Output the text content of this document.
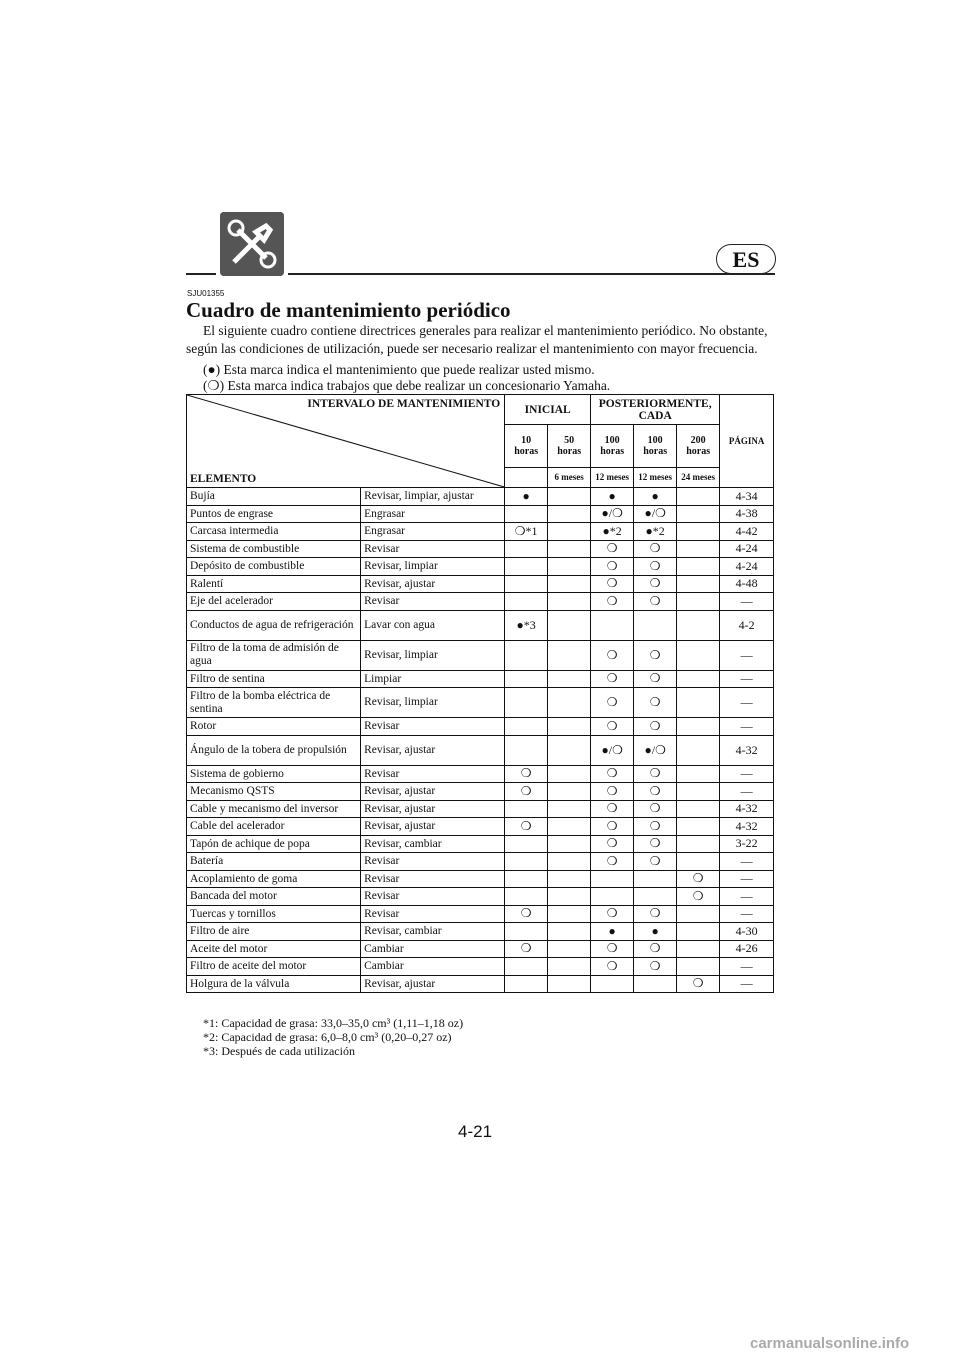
ES
SJU01355
Cuadro de mantenimiento periódico

El siguiente cuadro contiene directrices generales para realizar el mantenimiento periódico. No obstante, según las condiciones de utilización, puede ser necesario realizar el mantenimiento con mayor frecuencia.

(●) Esta marca indica el mantenimiento que puede realizar usted mismo.

(❍) Esta marca indica trabajos que debe realizar un concesionario Yamaha.

INTERVALO DE MANTENIMIENTO
ELEMENTO		INICIAL		POSTERIORMENTE, CADA			PÁGINA
		10 horas	50 horas	100 horas	100 horas	200 horas	
			6 meses	12 meses	12 meses	24 meses	
Bujía	Revisar, limpiar, ajustar	●		●	●		4-34
Puntos de engrase	Engrasar			●/❍	●/❍		4-38
Carcasa intermedia	Engrasar	❍*1		●*2	●*2		4-42
Sistema de combustible	Revisar			❍	❍		4-24
Depósito de combustible	Revisar, limpiar			❍	❍		4-24
Ralentí	Revisar, ajustar			❍	❍		4-48
Eje del acelerador	Revisar			❍	❍		—
Conductos de agua de refrigeración	Lavar con agua	●*3					4-2
Filtro de la toma de admisión de agua	Revisar, limpiar			❍	❍		—
Filtro de sentina	Limpiar			❍	❍		—
Filtro de la bomba eléctrica de sentina	Revisar, limpiar			❍	❍		—
Rotor	Revisar			❍	❍		—
Ángulo de la tobera de propulsión	Revisar, ajustar			●/❍	●/❍		4-32
Sistema de gobierno	Revisar	❍		❍	❍		—
Mecanismo QSTS	Revisar, ajustar	❍		❍	❍		—
Cable y mecanismo del inversor	Revisar, ajustar			❍	❍		4-32
Cable del acelerador	Revisar, ajustar	❍		❍	❍		4-32
Tapón de achique de popa	Revisar, cambiar			❍	❍		3-22
Batería	Revisar			❍	❍		—
Acoplamiento de goma	Revisar					❍	—
Bancada del motor	Revisar					❍	—
Tuercas y tornillos	Revisar	❍		❍	❍		—
Filtro de aire	Revisar, cambiar			●	●		4-30
Aceite del motor	Cambiar	❍		❍	❍		4-26
Filtro de aceite del motor	Cambiar			❍	❍		—
Holgura de la válvula	Revisar, ajustar					❍	—

*1: Capacidad de grasa: 33,0–35,0 cm³ (1,11–1,18 oz)

*2: Capacidad de grasa: 6,0–8,0 cm³ (0,20–0,27 oz)

*3: Después de cada utilización

4-21
carmanualsonline.info
